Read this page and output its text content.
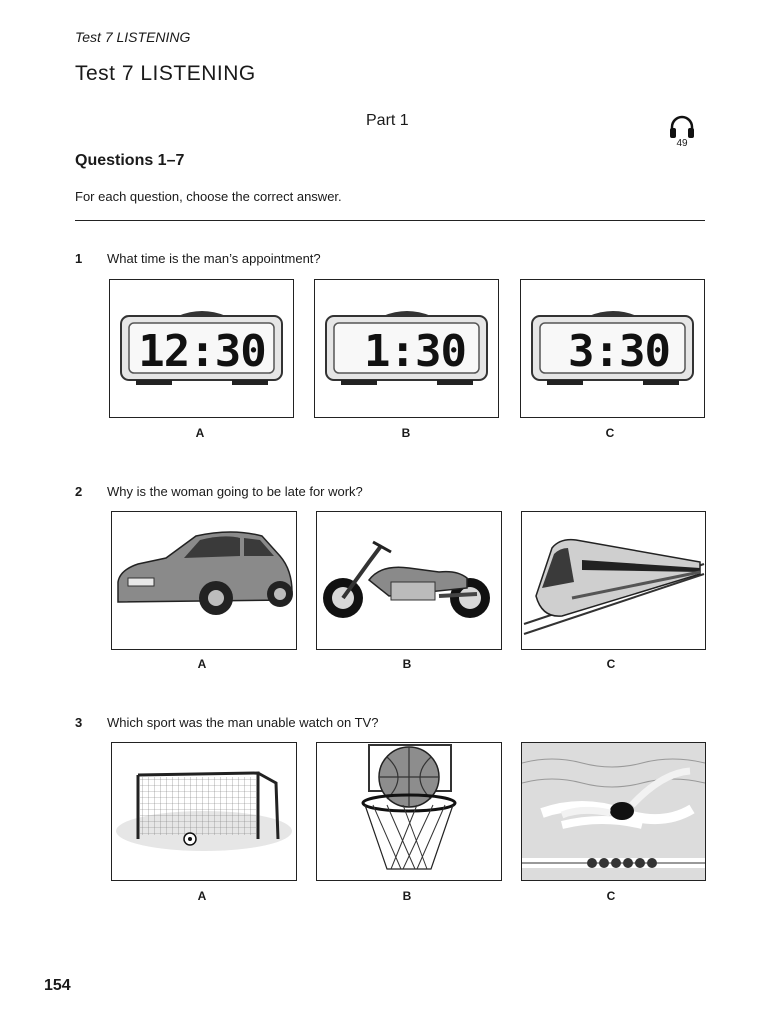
Test 7 LISTENING
Test 7 LISTENING
Part 1
49
Questions 1–7
For each question, choose the correct answer.
1 What time is the man’s appointment?
12:30 1:30 3:30
A	B	C
2 Why is the woman going to be late for work?
A	B	C
3 Which sport was the man unable watch on TV?
A	B	C
154
